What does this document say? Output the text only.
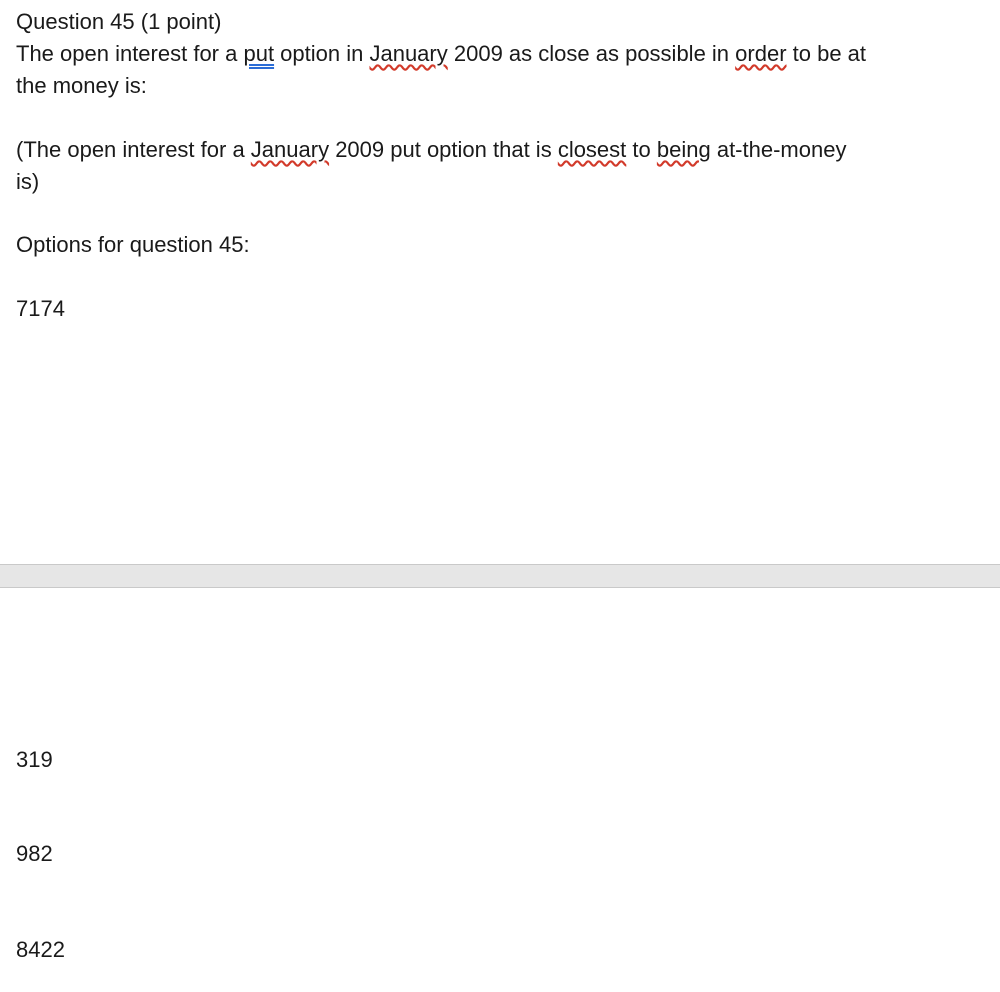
Question 45 (1 point)
The open interest for a put option in January 2009 as close as possible in order to be at
the money is:
(The open interest for a January 2009 put option that is closest to being at-the-money
is)
Options for question 45:
7174
319
982
8422
